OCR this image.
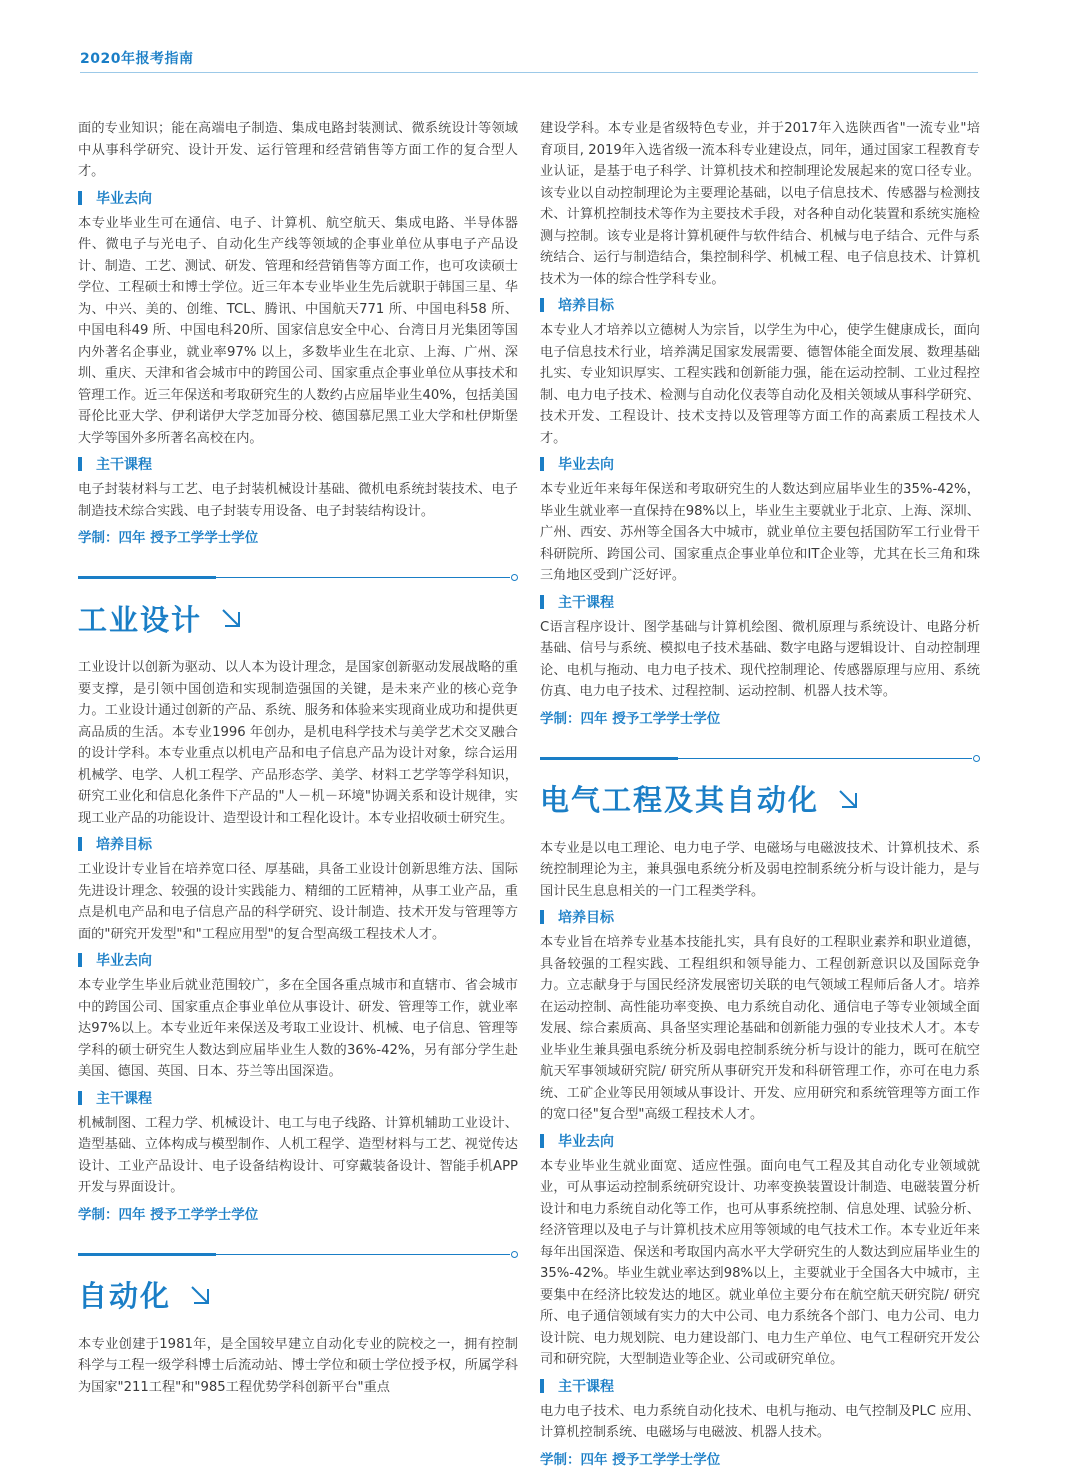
2020年报考指南

面的专业知识；能在高端电子制造、集成电路封装测试、微系统设计等领域中从事科学研究、设计开发、运行管理和经营销售等方面工作的复合型人才。

毕业去向

本专业毕业生可在通信、电子、计算机、航空航天、集成电路、半导体器件、微电子与光电子、自动化生产线等领域的企事业单位从事电子产品设计、制造、工艺、测试、研发、管理和经营销售等方面工作，也可攻读硕士学位、工程硕士和博士学位。近三年本专业毕业生先后就职于韩国三星、华为、中兴、美的、创维、TCL、腾讯、中国航天771 所、中国电科58 所、中国电科49 所、中国电科20所、国家信息安全中心、台湾日月光集团等国内外著名企事业，就业率97% 以上，多数毕业生在北京、上海、广州、深圳、重庆、天津和省会城市中的跨国公司、国家重点企事业单位从事技术和管理工作。近三年保送和考取研究生的人数约占应届毕业生40%，包括美国哥伦比亚大学、伊利诺伊大学芝加哥分校、德国慕尼黑工业大学和杜伊斯堡大学等国外多所著名高校在内。

主干课程

电子封装材料与工艺、电子封装机械设计基础、微机电系统封装技术、电子制造技术综合实践、电子封装专用设备、电子封装结构设计。

学制：四年 授予工学学士学位
工业设计

工业设计以创新为驱动、以人本为设计理念，是国家创新驱动发展战略的重要支撑，是引领中国创造和实现制造强国的关键，是未来产业的核心竞争力。工业设计通过创新的产品、系统、服务和体验来实现商业成功和提供更高品质的生活。本专业1996 年创办，是机电科学技术与美学艺术交叉融合的设计学科。本专业重点以机电产品和电子信息产品为设计对象，综合运用机械学、电学、人机工程学、产品形态学、美学、材料工艺学等学科知识，研究工业化和信息化条件下产品的"人－机－环境"协调关系和设计规律，实现工业产品的功能设计、造型设计和工程化设计。本专业招收硕士研究生。

培养目标

工业设计专业旨在培养宽口径、厚基础，具备工业设计创新思维方法、国际先进设计理念、较强的设计实践能力、精细的工匠精神，从事工业产品，重点是机电产品和电子信息产品的科学研究、设计制造、技术开发与管理等方面的"研究开发型"和"工程应用型"的复合型高级工程技术人才。

毕业去向

本专业学生毕业后就业范围较广，多在全国各重点城市和直辖市、省会城市中的跨国公司、国家重点企事业单位从事设计、研发、管理等工作，就业率达97%以上。本专业近年来保送及考取工业设计、机械、电子信息、管理等学科的硕士研究生人数达到应届毕业生人数的36%-42%，另有部分学生赴美国、德国、英国、日本、芬兰等出国深造。

主干课程

机械制图、工程力学、机械设计、电工与电子线路、计算机辅助工业设计、造型基础、立体构成与模型制作、人机工程学、造型材料与工艺、视觉传达设计、工业产品设计、电子设备结构设计、可穿戴装备设计、智能手机APP开发与界面设计。

学制：四年 授予工学学士学位
自动化

本专业创建于1981年，是全国较早建立自动化专业的院校之一，拥有控制科学与工程一级学科博士后流动站、博士学位和硕士学位授予权，所属学科为国家"211工程"和"985工程优势学科创新平台"重点

建设学科。本专业是省级特色专业，并于2017年入选陕西省"一流专业"培育项目, 2019年入选省级一流本科专业建设点，同年，通过国家工程教育专业认证，是基于电子科学、计算机技术和控制理论发展起来的宽口径专业。该专业以自动控制理论为主要理论基础，以电子信息技术、传感器与检测技术、计算机控制技术等作为主要技术手段，对各种自动化装置和系统实施检测与控制。该专业是将计算机硬件与软件结合、机械与电子结合、元件与系统结合、运行与制造结合，集控制科学、机械工程、电子信息技术、计算机技术为一体的综合性学科专业。

培养目标

本专业人才培养以立德树人为宗旨，以学生为中心，使学生健康成长，面向电子信息技术行业，培养满足国家发展需要、德智体能全面发展、数理基础扎实、专业知识厚实、工程实践和创新能力强，能在运动控制、工业过程控制、电力电子技术、检测与自动化仪表等自动化及相关领域从事科学研究、技术开发、工程设计、技术支持以及管理等方面工作的高素质工程技术人才。

毕业去向

本专业近年来每年保送和考取研究生的人数达到应届毕业生的35%-42%，毕业生就业率一直保持在98%以上，毕业生主要就业于北京、上海、深圳、广州、西安、苏州等全国各大中城市，就业单位主要包括国防军工行业骨干科研院所、跨国公司、国家重点企事业单位和IT企业等，尤其在长三角和珠三角地区受到广泛好评。

主干课程

C语言程序设计、图学基础与计算机绘图、微机原理与系统设计、电路分析基础、信号与系统、模拟电子技术基础、数字电路与逻辑设计、自动控制理论、电机与拖动、电力电子技术、现代控制理论、传感器原理与应用、系统仿真、电力电子技术、过程控制、运动控制、机器人技术等。

学制：四年 授予工学学士学位
电气工程及其自动化

本专业是以电工理论、电力电子学、电磁场与电磁波技术、计算机技术、系统控制理论为主，兼具强电系统分析及弱电控制系统分析与设计能力，是与国计民生息息相关的一门工程类学科。

培养目标

本专业旨在培养专业基本技能扎实，具有良好的工程职业素养和职业道德，具备较强的工程实践、工程组织和领导能力、工程创新意识以及国际竞争力。立志献身于与国民经济发展密切关联的电气领域工程师后备人才。培养在运动控制、高性能功率变换、电力系统自动化、通信电子等专业领域全面发展、综合素质高、具备坚实理论基础和创新能力强的专业技术人才。本专业毕业生兼具强电系统分析及弱电控制系统分析与设计的能力，既可在航空航天军事领域研究院/ 研究所从事研究开发和科研管理工作，亦可在电力系统、工矿企业等民用领域从事设计、开发、应用研究和系统管理等方面工作的宽口径"复合型"高级工程技术人才。

毕业去向

本专业毕业生就业面宽、适应性强。面向电气工程及其自动化专业领域就业，可从事运动控制系统研究设计、功率变换装置设计制造、电磁装置分析设计和电力系统自动化等工作，也可从事系统控制、信息处理、试验分析、经济管理以及电子与计算机技术应用等领域的电气技术工作。本专业近年来每年出国深造、保送和考取国内高水平大学研究生的人数达到应届毕业生的35%-42%。毕业生就业率达到98%以上，主要就业于全国各大中城市，主要集中在经济比较发达的地区。就业单位主要分布在航空航天研究院/ 研究所、电子通信领域有实力的大中公司、电力系统各个部门、电力公司、电力设计院、电力规划院、电力建设部门、电力生产单位、电气工程研究开发公司和研究院，大型制造业等企业、公司或研究单位。

主干课程

电力电子技术、电力系统自动化技术、电机与拖动、电气控制及PLC 应用、计算机控制系统、电磁场与电磁波、机器人技术。

学制：四年 授予工学学士学位
